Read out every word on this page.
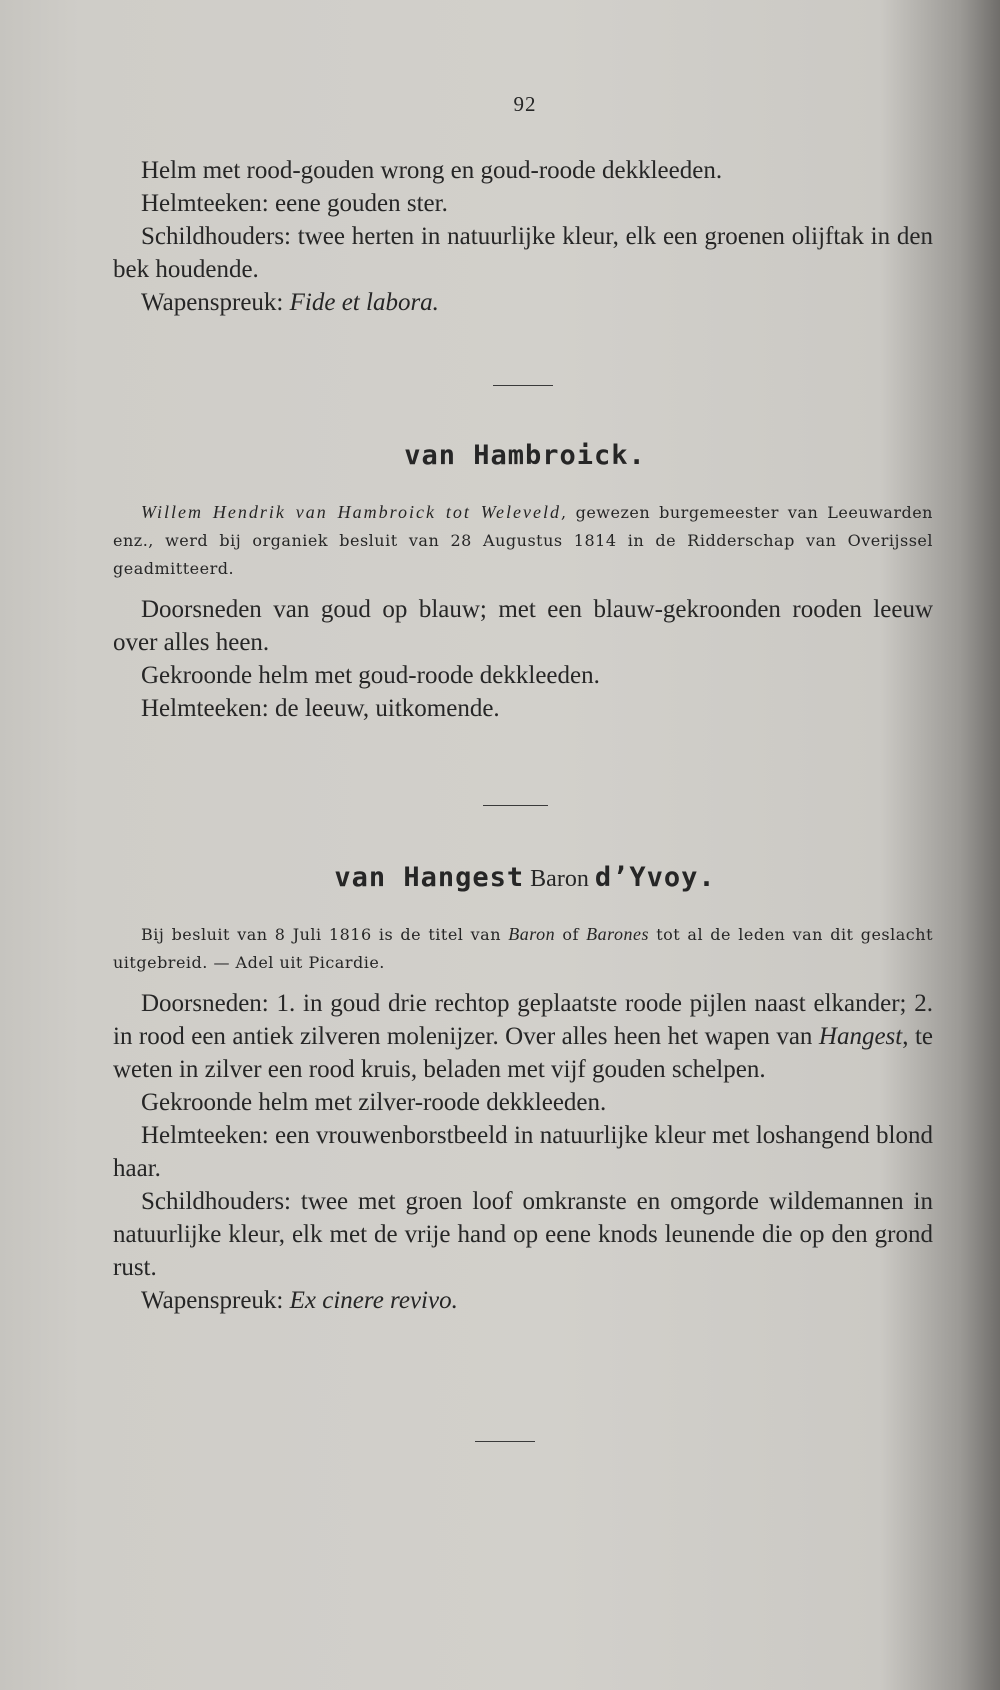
92

Helm met rood-gouden wrong en goud-roode dekkleeden.

Helmteeken: eene gouden ster.

Schildhouders: twee herten in natuurlijke kleur, elk een groenen olijftak in den bek houdende.

Wapenspreuk: Fide et labora.

van Hambroick.

Willem Hendrik van Hambroick tot Weleveld, gewezen burgemeester van Leeuwarden enz., werd bij organiek besluit van 28 Augustus 1814 in de Ridderschap van Overijssel geadmitteerd.

Doorsneden van goud op blauw; met een blauw-gekroonden rooden leeuw over alles heen.

Gekroonde helm met goud-roode dekkleeden.

Helmteeken: de leeuw, uitkomende.

van Hangest Baron d’Yvoy.

Bij besluit van 8 Juli 1816 is de titel van Baron of Barones tot al de leden van dit geslacht uitgebreid. — Adel uit Picardie.

Doorsneden: 1. in goud drie rechtop geplaatste roode pijlen naast elkander; 2. in rood een antiek zilveren molenijzer. Over alles heen het wapen van Hangest, te weten in zilver een rood kruis, beladen met vijf gouden schelpen.

Gekroonde helm met zilver-roode dekkleeden.

Helmteeken: een vrouwenborstbeeld in natuurlijke kleur met loshangend blond haar.

Schildhouders: twee met groen loof omkranste en omgorde wildemannen in natuurlijke kleur, elk met de vrije hand op eene knods leunende die op den grond rust.

Wapenspreuk: Ex cinere revivo.
